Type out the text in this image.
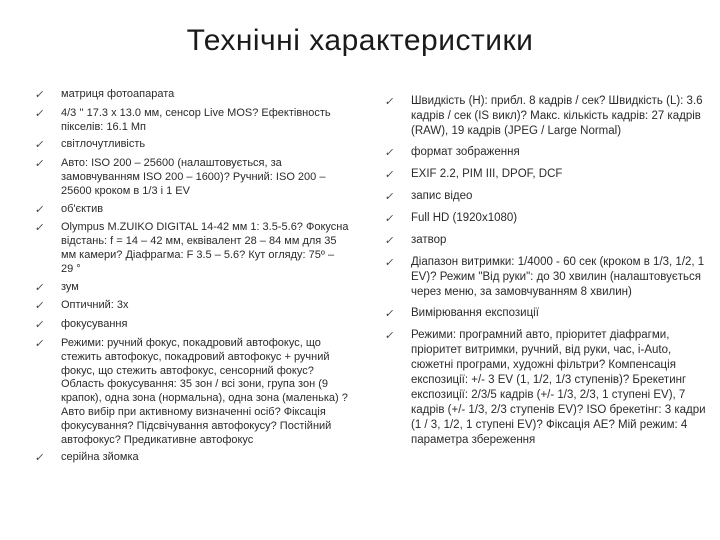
Технічні характеристики
✓	матриця фотоапарата
✓	4/3 '' 17.3 x 13.0 мм, сенсор Live MOS? Ефектівность пікселів: 16.1 Мп
✓	світлочутливість
✓	Авто: ISO 200 – 25600 (налаштовується, за замовчуванням ISO 200 – 1600)? Ручний: ISO 200 – 25600 кроком в 1/3 і 1 EV
✓	об'єктив
✓	Olympus M.ZUIKO DIGITAL 14-42 мм 1: 3.5-5.6? Фокусна відстань: f = 14 – 42 мм, еквівалент 28 – 84 мм для 35 мм камери? Діафрагма: F 3.5 – 5.6? Кут огляду: 75º – 29 °
✓	зум
✓	Оптичний: 3x
✓	фокусування
✓	Режими: ручний фокус, покадровий автофокус, що стежить автофокус, покадровий автофокус + ручний фокус, що стежить автофокус, сенсорний фокус? Область фокусування: 35 зон / всі зони, група зон (9 крапок), одна зона (нормальна), одна зона (маленька) ? Авто вибір при активному визначенні осіб? Фіксація фокусування? Підсвічування автофокусу? Постійний автофокус? Предикативне автофокус
✓	серійна зйомка
✓	Швидкість (H): прибл. 8 кадрів / сек? Швидкість (L): 3.6 кадрів / сек (IS викл)? Макс. кількість кадрів: 27 кадрів (RAW), 19 кадрів (JPEG / Large Normal)
✓	формат зображення
✓	EXIF 2.2, PIM III, DPOF, DCF
✓	запис відео
✓	Full HD (1920x1080)
✓	затвор
✓	Діапазон витримки: 1/4000 - 60 сек (кроком в 1/3, 1/2, 1 EV)? Режим "Від руки": до 30 хвилин (налаштовується через меню, за замовчуванням 8 хвилин)
✓	Вимірювання експозиції
✓	Режими: програмний авто, пріоритет діафрагми, пріоритет витримки, ручний, від руки, час, i-Auto, сюжетні програми, художні фільтри? Компенсація експозиції: +/- 3 EV (1, 1/2, 1/3 ступенів)? Брекетинг експозиції: 2/3/5 кадрів (+/- 1/3, 2/3, 1 ступені EV), 7 кадрів (+/- 1/3, 2/3 ступенів EV)? ISO брекетінг: 3 кадри (1 / 3, 1/2, 1 ступені EV)? Фіксація АЕ? Мій режим: 4 параметра збереження
